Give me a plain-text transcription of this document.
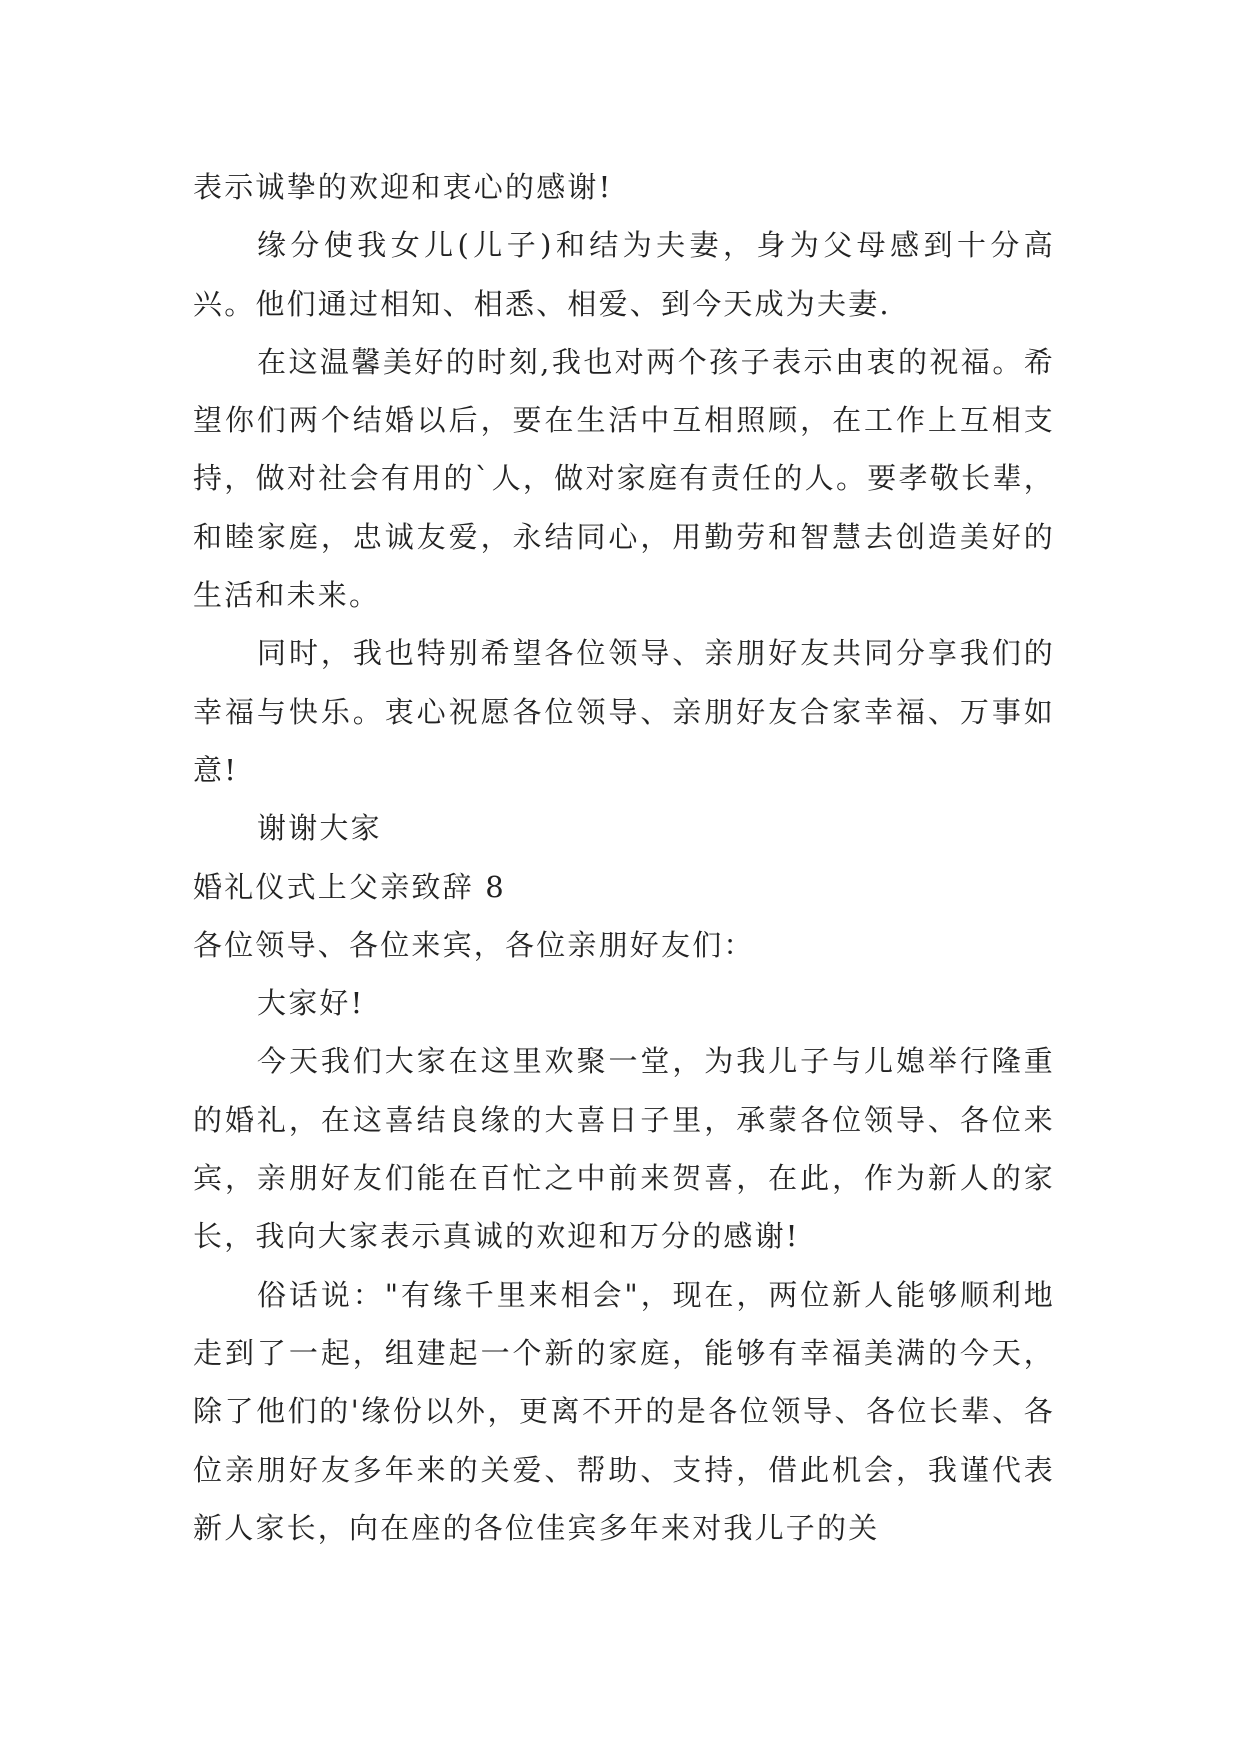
表示诚挚的欢迎和衷心的感谢!

缘分使我女儿(儿子)和结为夫妻，身为父母感到十分高兴。他们通过相知、相悉、相爱、到今天成为夫妻.

在这温馨美好的时刻,我也对两个孩子表示由衷的祝福。希望你们两个结婚以后，要在生活中互相照顾，在工作上互相支持，做对社会有用的`人，做对家庭有责任的人。要孝敬长辈，和睦家庭，忠诚友爱，永结同心，用勤劳和智慧去创造美好的生活和未来。

同时，我也特别希望各位领导、亲朋好友共同分享我们的幸福与快乐。衷心祝愿各位领导、亲朋好友合家幸福、万事如意!

谢谢大家

婚礼仪式上父亲致辞 8

各位领导、各位来宾，各位亲朋好友们：

大家好!

今天我们大家在这里欢聚一堂，为我儿子与儿媳举行隆重的婚礼，在这喜结良缘的大喜日子里，承蒙各位领导、各位来宾，亲朋好友们能在百忙之中前来贺喜，在此，作为新人的家长，我向大家表示真诚的欢迎和万分的感谢!

俗话说："有缘千里来相会"，现在，两位新人能够顺利地走到了一起，组建起一个新的家庭，能够有幸福美满的今天，除了他们的'缘份以外，更离不开的是各位领导、各位长辈、各位亲朋好友多年来的关爱、帮助、支持，借此机会，我谨代表新人家长，向在座的各位佳宾多年来对我儿子的关
